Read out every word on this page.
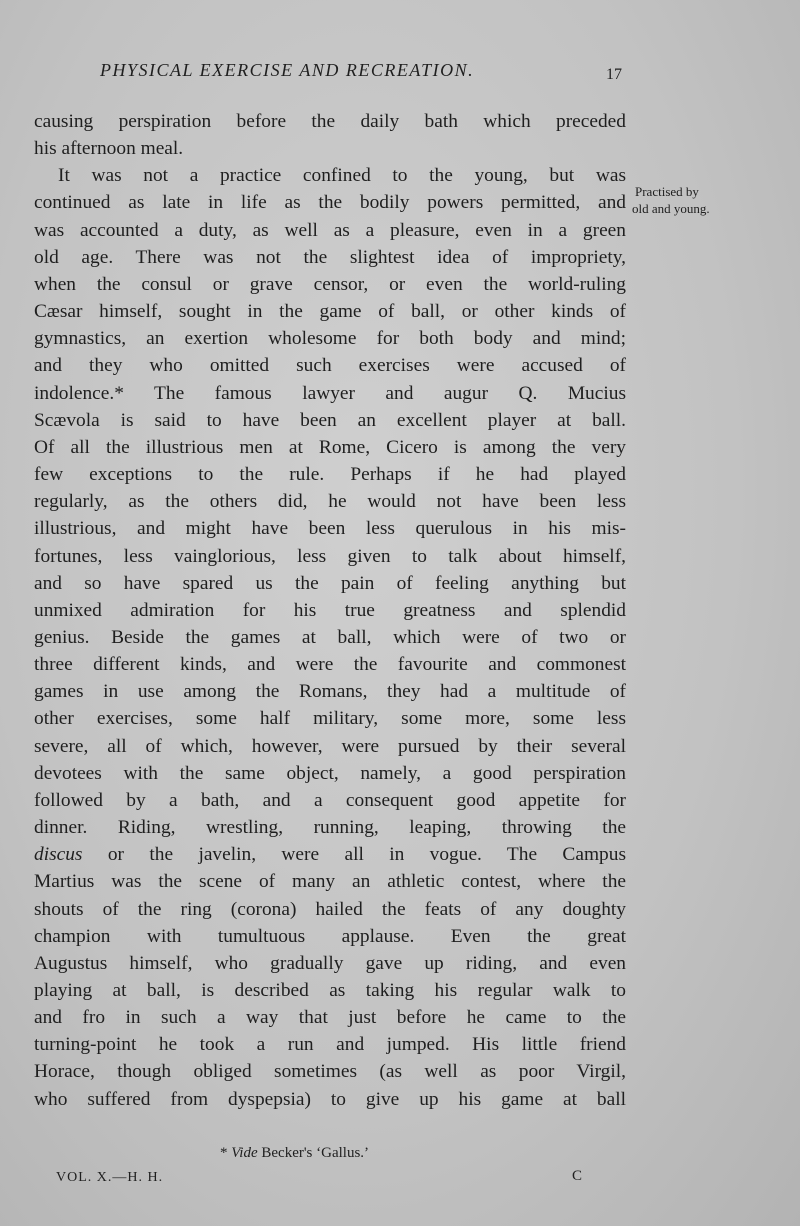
PHYSICAL EXERCISE AND RECREATION.	17
Practised by
old and young.
causing perspiration before the daily bath which preceded
his afternoon meal.
It was not a practice confined to the young, but was
continued as late in life as the bodily powers permitted, and
was accounted a duty, as well as a pleasure, even in a green
old age. There was not the slightest idea of impropriety,
when the consul or grave censor, or even the world-ruling
Cæsar himself, sought in the game of ball, or other kinds of
gymnastics, an exertion wholesome for both body and mind;
and they who omitted such exercises were accused of
indolence.* The famous lawyer and augur Q. Mucius
Scævola is said to have been an excellent player at ball.
Of all the illustrious men at Rome, Cicero is among the very
few exceptions to the rule. Perhaps if he had played
regularly, as the others did, he would not have been less
illustrious, and might have been less querulous in his mis-
fortunes, less vainglorious, less given to talk about himself,
and so have spared us the pain of feeling anything but
unmixed admiration for his true greatness and splendid
genius. Beside the games at ball, which were of two or
three different kinds, and were the favourite and commonest
games in use among the Romans, they had a multitude of
other exercises, some half military, some more, some less
severe, all of which, however, were pursued by their several
devotees with the same object, namely, a good perspiration
followed by a bath, and a consequent good appetite for
dinner. Riding, wrestling, running, leaping, throwing the
discus or the javelin, were all in vogue. The Campus
Martius was the scene of many an athletic contest, where the
shouts of the ring (corona) hailed the feats of any doughty
champion with tumultuous applause. Even the great
Augustus himself, who gradually gave up riding, and even
playing at ball, is described as taking his regular walk to
and fro in such a way that just before he came to the
turning-point he took a run and jumped. His little friend
Horace, though obliged sometimes (as well as poor Virgil,
who suffered from dyspepsia) to give up his game at ball
* Vide Becker's ‘Gallus.’
VOL. X.—H. H.	C
